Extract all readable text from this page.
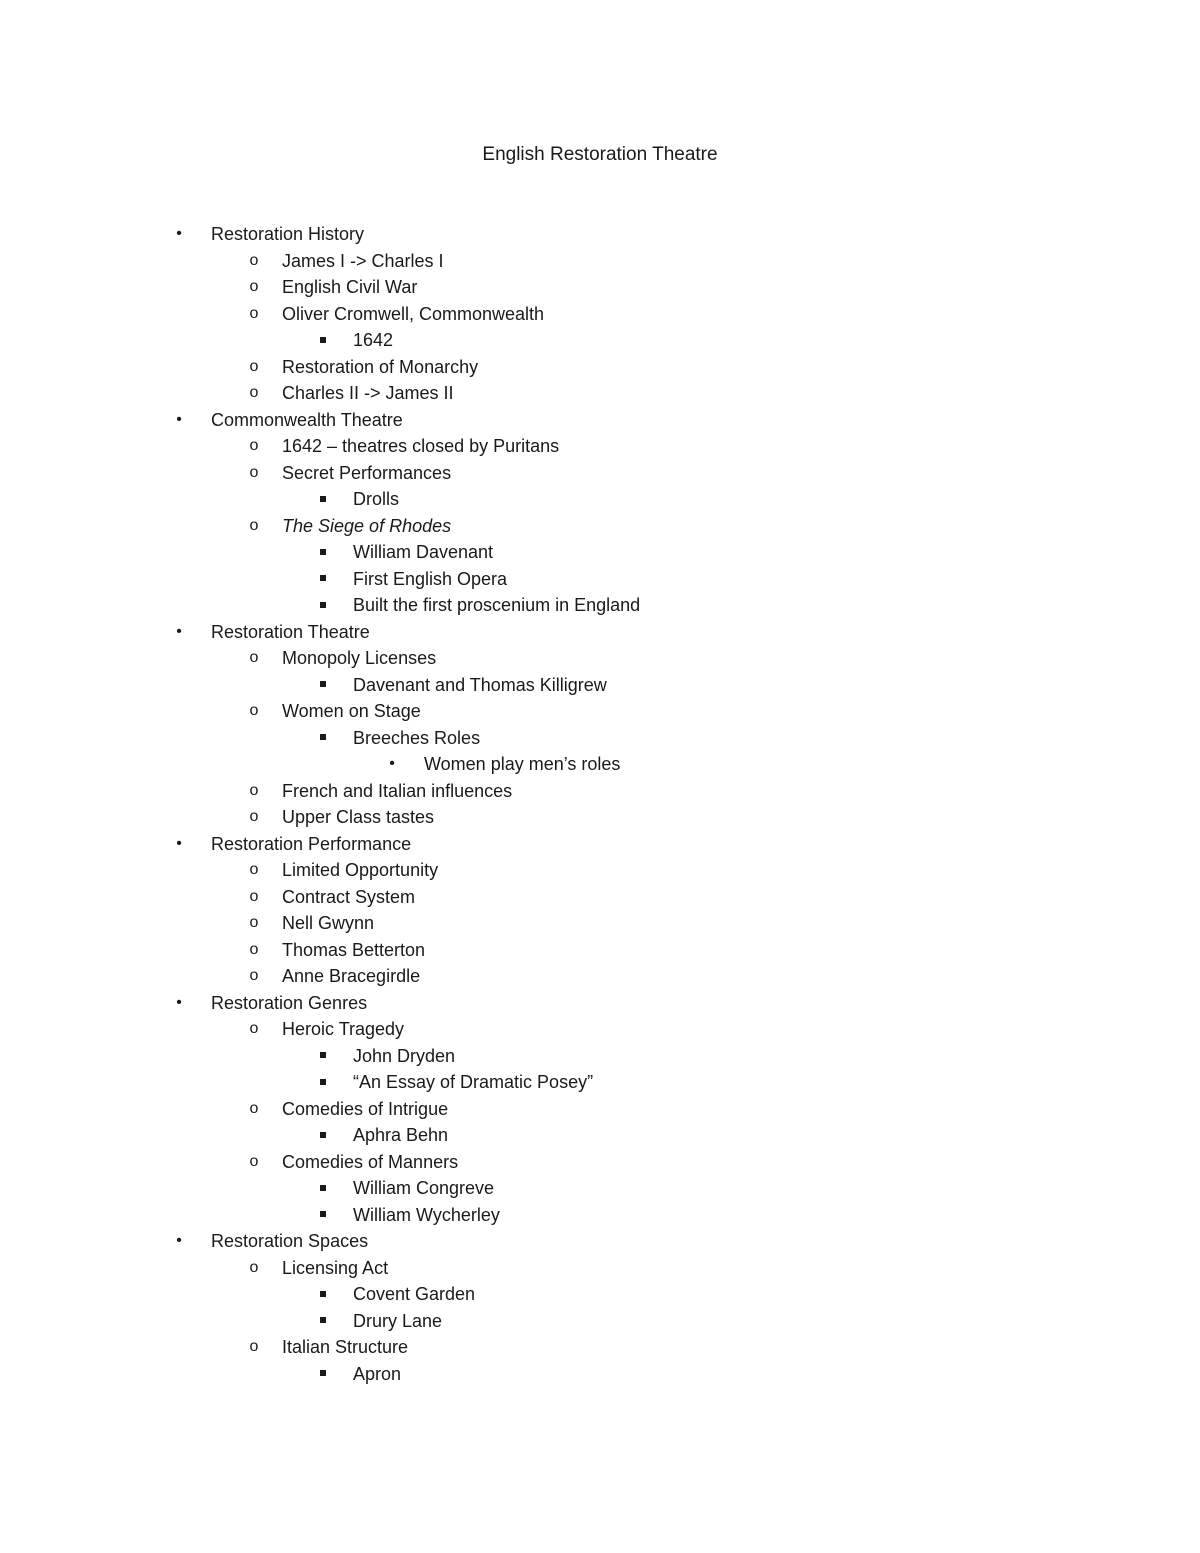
English Restoration Theatre
•	Restoration History
o	James I -> Charles I
o	English Civil War
o	Oliver Cromwell, Commonwealth
1642
o	Restoration of Monarchy
o	Charles II -> James II
•	Commonwealth Theatre
o	1642 – theatres closed by Puritans
o	Secret Performances
Drolls
o	The Siege of Rhodes
William Davenant
First English Opera
Built the first proscenium in England
•	Restoration Theatre
o	Monopoly Licenses
Davenant and Thomas Killigrew
o	Women on Stage
Breeches Roles
•	Women play men’s roles
o	French and Italian influences
o	Upper Class tastes
•	Restoration Performance
o	Limited Opportunity
o	Contract System
o	Nell Gwynn
o	Thomas Betterton
o	Anne Bracegirdle
•	Restoration Genres
o	Heroic Tragedy
John Dryden
“An Essay of Dramatic Posey”
o	Comedies of Intrigue
Aphra Behn
o	Comedies of Manners
William Congreve
William Wycherley
•	Restoration Spaces
o	Licensing Act
Covent Garden
Drury Lane
o	Italian Structure
Apron
